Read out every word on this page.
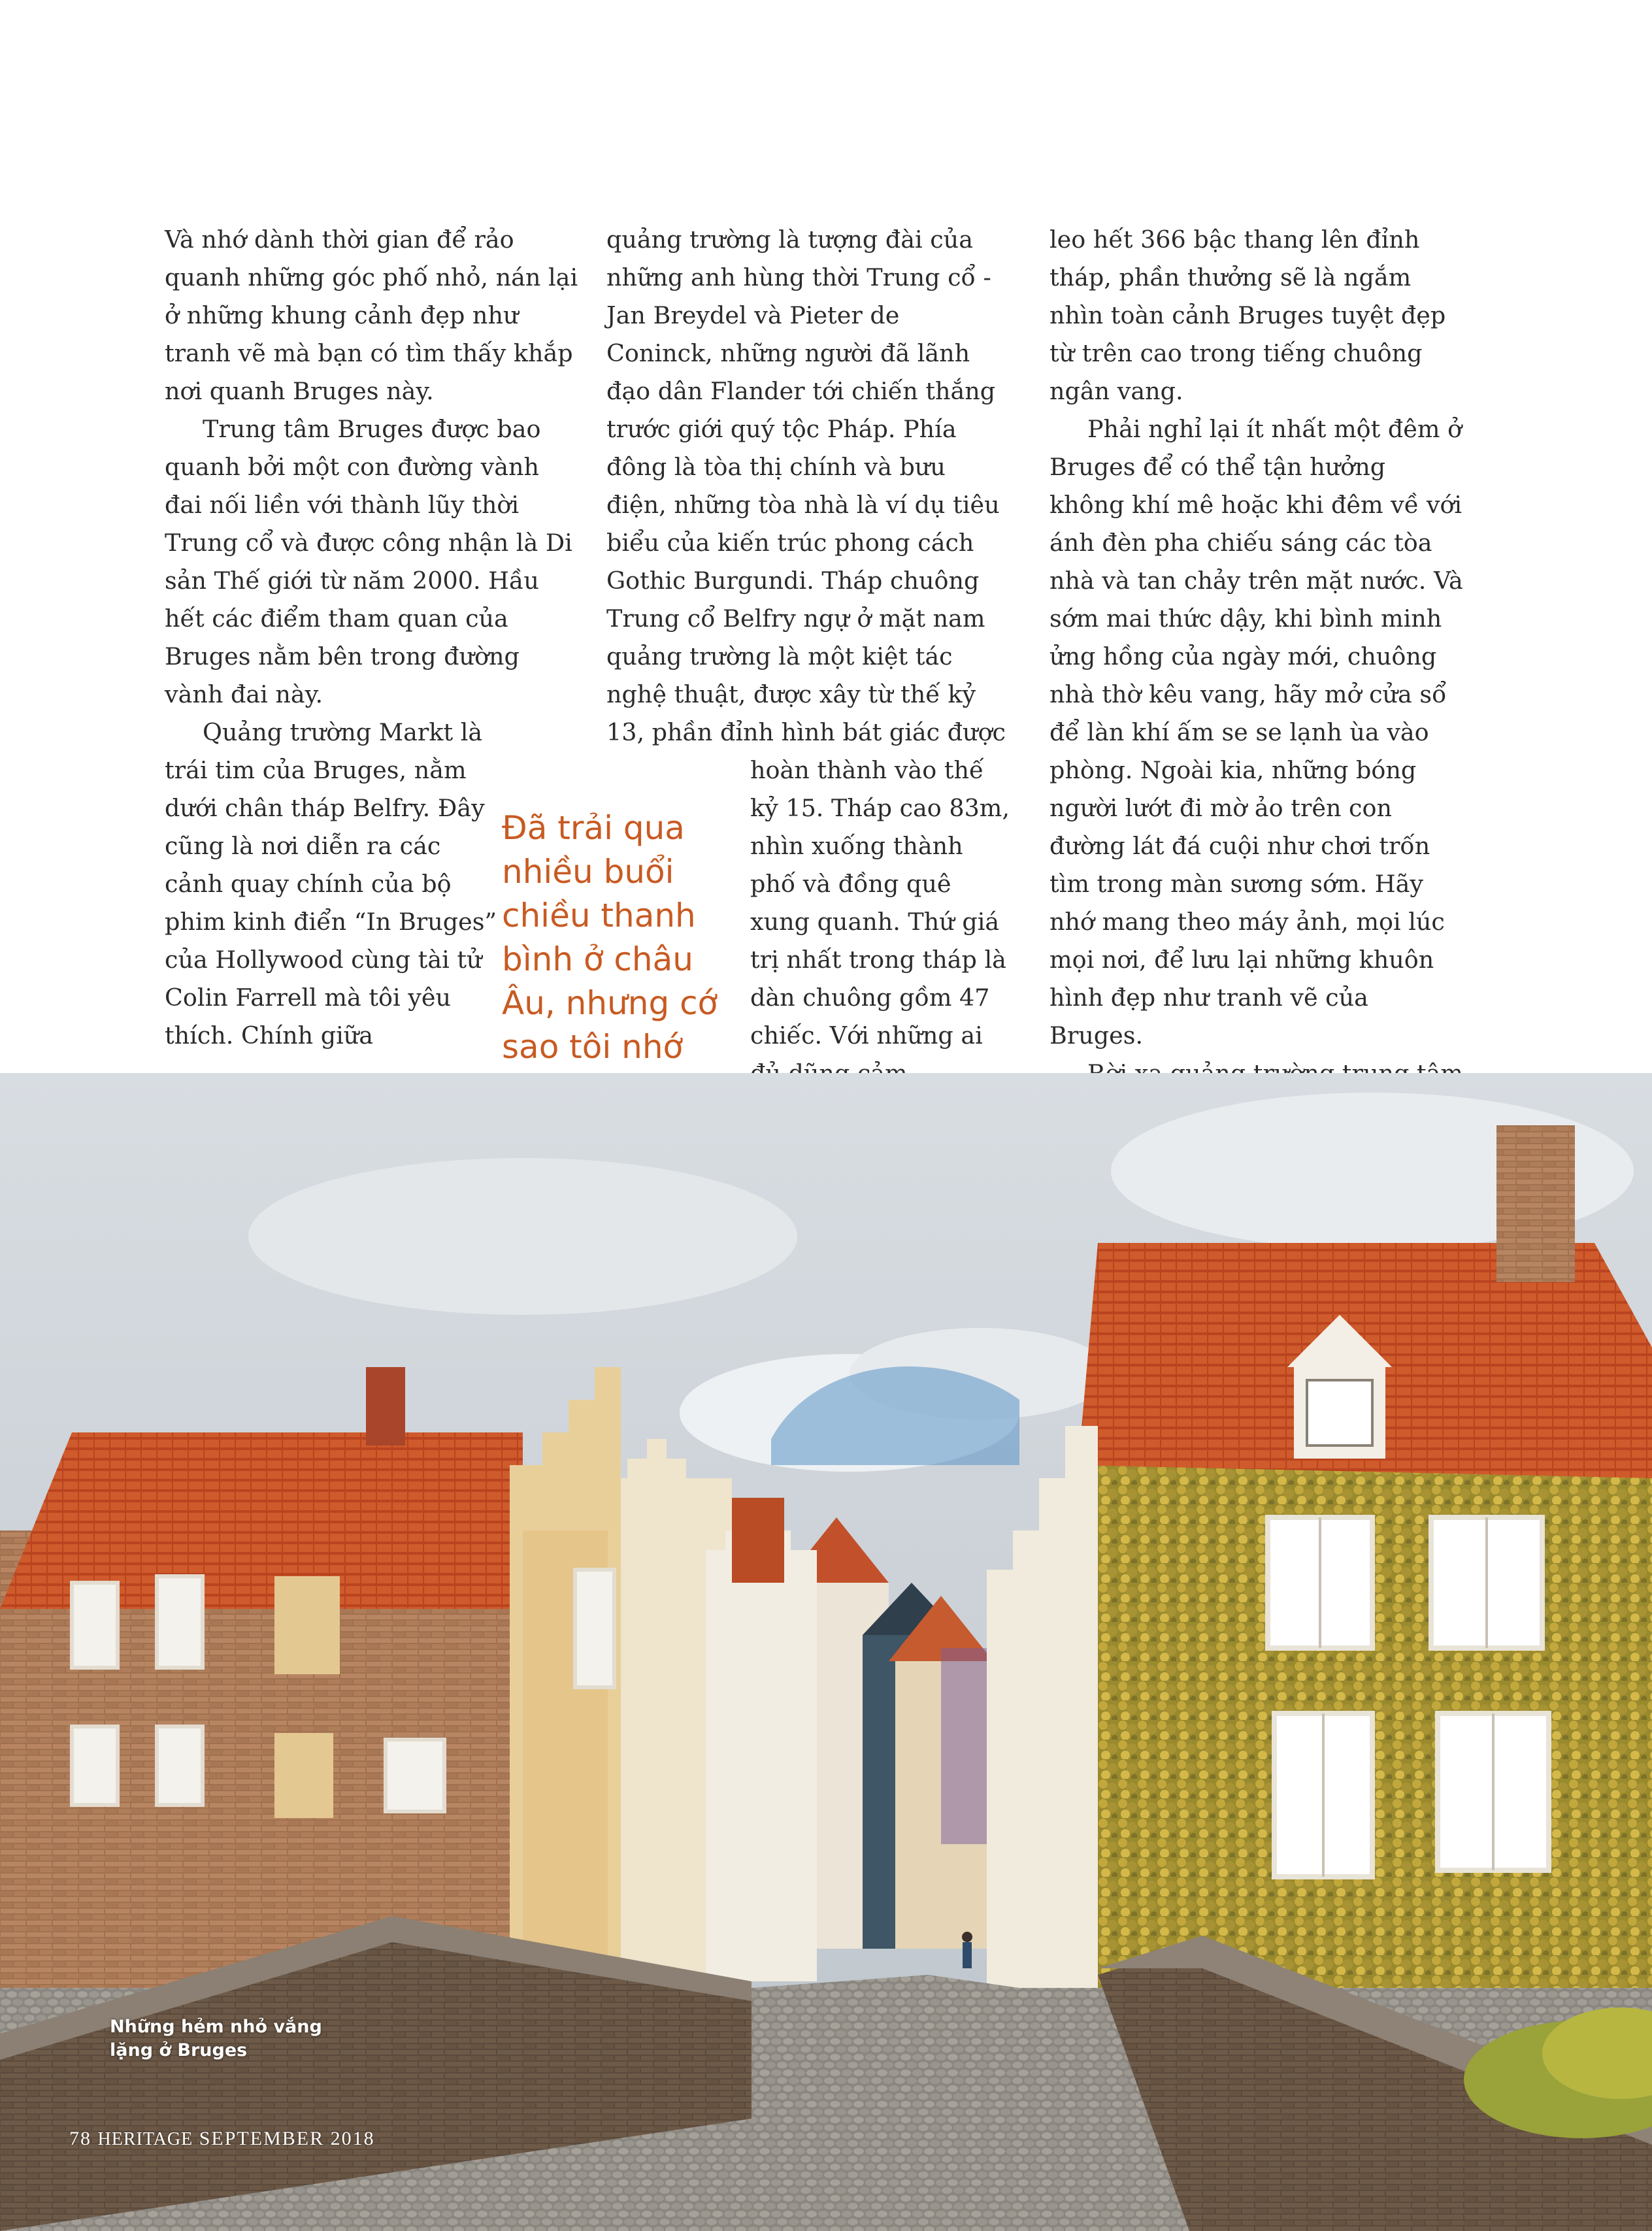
Và nhớ dành thời gian để rảo quanh những góc phố nhỏ, nán lại ở những khung cảnh đẹp như tranh vẽ mà bạn có tìm thấy khắp nơi quanh Bruges này.

Trung tâm Bruges được bao quanh bởi một con đường vành đai nối liền với thành lũy thời Trung cổ và được công nhận là Di sản Thế giới từ năm 2000. Hầu hết các điểm tham quan của Bruges nằm bên trong đường vành đai này.

Quảng trường Markt là trái tim của Bruges, nằm dưới chân tháp Belfry. Đây cũng là nơi diễn ra các cảnh quay chính của bộ phim kinh điển “In Bruges” của Hollywood cùng tài tử Colin Farrell mà tôi yêu thích. Chính giữa

quảng trường là tượng đài của những anh hùng thời Trung cổ - Jan Breydel và Pieter de Coninck, những người đã lãnh đạo dân Flander tới chiến thắng trước giới quý tộc Pháp. Phía đông là tòa thị chính và bưu điện, những tòa nhà là ví dụ tiêu biểu của kiến trúc phong cách Gothic Burgundi. Tháp chuông Trung cổ Belfry ngự ở mặt nam quảng trường là một kiệt tác nghệ thuật, được xây từ thế kỷ 13, phần đỉnh hình bát giác được hoàn thành vào thế kỷ 15. Tháp cao 83m, nhìn xuống thành phố và đồng quê xung quanh. Thứ giá trị nhất trong tháp là dàn chuông gồm 47 chiếc. Với những ai

leo hết 366 bậc thang lên đỉnh tháp, phần thưởng sẽ là ngắm nhìn toàn cảnh Bruges tuyệt đẹp từ trên cao trong tiếng chuông ngân vang.

Phải nghỉ lại ít nhất một đêm ở Bruges để có thể tận hưởng không khí mê hoặc khi đêm về với ánh đèn pha chiếu sáng các tòa nhà và tan chảy trên mặt nước. Và sớm mai thức dậy, khi bình minh ửng hồng của ngày mới, chuông nhà thờ kêu vang, hãy mở cửa sổ để làn khí ấm se se lạnh ùa vào phòng. Ngoài kia, những bóng người lướt đi mờ ảo trên con đường lát đá cuội như chơi trốn tìm trong màn sương sớm. Hãy nhớ mang theo máy ảnh, mọi lúc mọi nơi, để lưu lại những khuôn hình đẹp như tranh vẽ của Bruges.

Đã trải qua nhiều buổi chiều thanh bình ở châu Âu, nhưng cớ sao tôi nhớ
Những hẻm nhỏ vắng lặng ở Bruges
78 HERITAGE SEPTEMBER 2018
